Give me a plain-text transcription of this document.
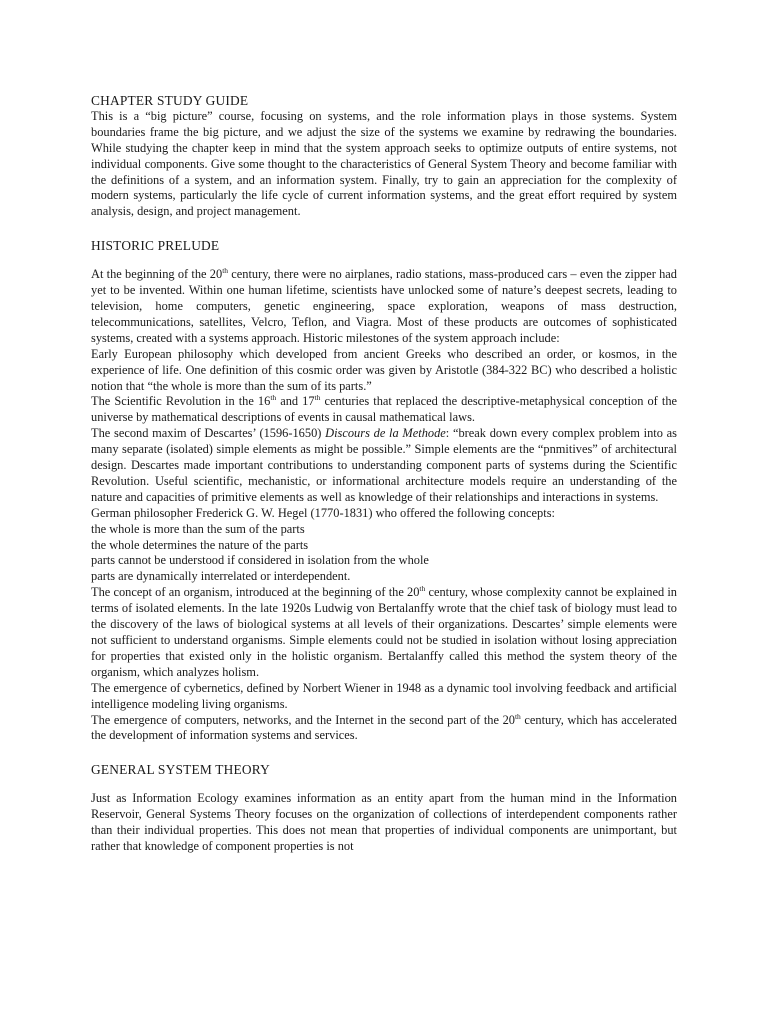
CHAPTER STUDY GUIDE

This is a “big picture” course, focusing on systems, and the role information plays in those systems. System boundaries frame the big picture, and we adjust the size of the systems we examine by redrawing the boundaries. While studying the chapter keep in mind that the system approach seeks to optimize outputs of entire systems, not individual components. Give some thought to the characteristics of General System Theory and become familiar with the definitions of a system, and an information system. Finally, try to gain an appreciation for the complexity of modern systems, particularly the life cycle of current information systems, and the great effort required by system analysis, design, and project management.

HISTORIC PRELUDE

At the beginning of the 20th century, there were no airplanes, radio stations, mass-produced cars – even the zipper had yet to be invented. Within one human lifetime, scientists have unlocked some of nature’s deepest secrets, leading to television, home computers, genetic engineering, space exploration, weapons of mass destruction, telecommunications, satellites, Velcro, Teflon, and Viagra. Most of these products are outcomes of sophisticated systems, created with a systems approach. Historic milestones of the system approach include:

Early European philosophy which developed from ancient Greeks who described an order, or kosmos, in the experience of life. One definition of this cosmic order was given by Aristotle (384-322 BC) who described a holistic notion that “the whole is more than the sum of its parts.”

The Scientific Revolution in the 16th and 17th centuries that replaced the descriptive-metaphysical conception of the universe by mathematical descriptions of events in causal mathematical laws.

The second maxim of Descartes’ (1596-1650) Discours de la Methode: “break down every complex problem into as many separate (isolated) simple elements as might be possible.” Simple elements are the “pnmitives” of architectural design. Descartes made important contributions to understanding component parts of systems during the Scientific Revolution. Useful scientific, mechanistic, or informational architecture models require an understanding of the nature and capacities of primitive elements as well as knowledge of their relationships and interactions in systems.

German philosopher Frederick G. W. Hegel (1770-1831) who offered the following concepts:

the whole is more than the sum of the parts

the whole determines the nature of the parts

parts cannot be understood if considered in isolation from the whole

parts are dynamically interrelated or interdependent.

The concept of an organism, introduced at the beginning of the 20th century, whose complexity cannot be explained in terms of isolated elements. In the late 1920s Ludwig von Bertalanffy wrote that the chief task of biology must lead to the discovery of the laws of biological systems at all levels of their organizations. Descartes’ simple elements were not sufficient to understand organisms. Simple elements could not be studied in isolation without losing appreciation for properties that existed only in the holistic organism. Bertalanffy called this method the system theory of the organism, which analyzes holism.

The emergence of cybernetics, defined by Norbert Wiener in 1948 as a dynamic tool involving feedback and artificial intelligence modeling living organisms.

The emergence of computers, networks, and the Internet in the second part of the 20th century, which has accelerated the development of information systems and services.

GENERAL SYSTEM THEORY

Just as Information Ecology examines information as an entity apart from the human mind in the Information Reservoir, General Systems Theory focuses on the organization of collections of interdependent components rather than their individual properties. This does not mean that properties of individual components are unimportant, but rather that knowledge of component properties is not
